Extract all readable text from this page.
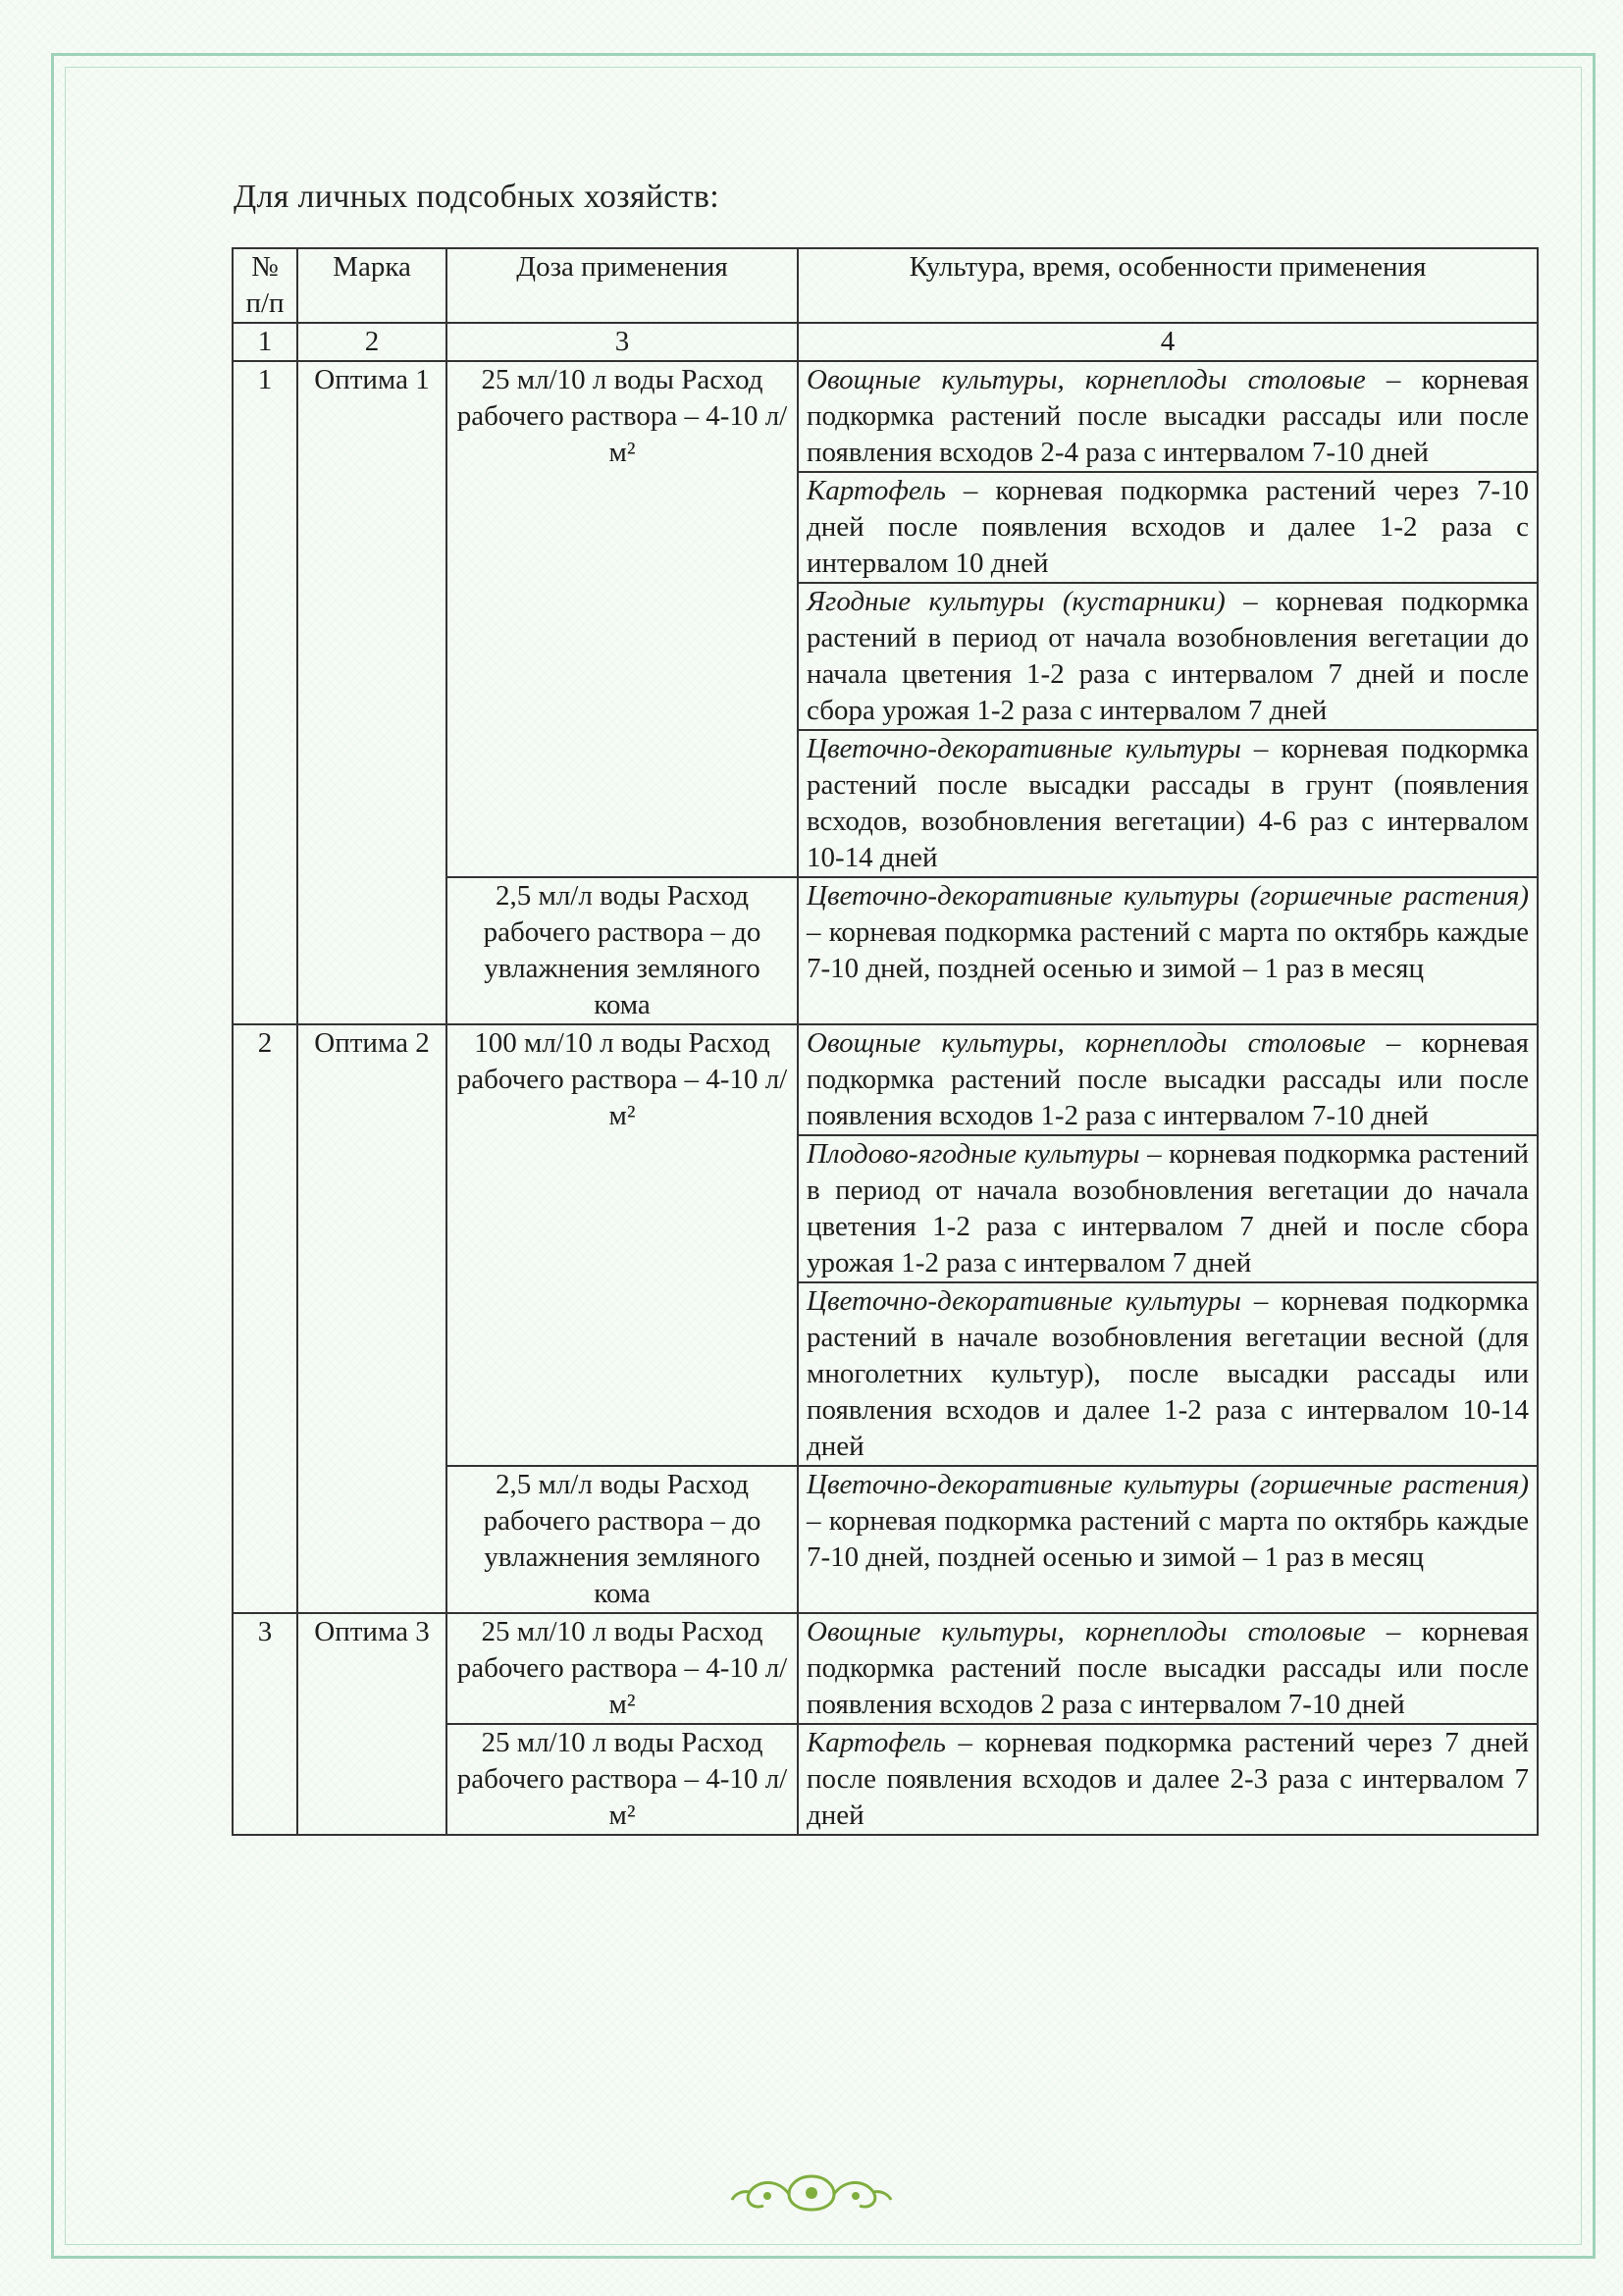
Для личных подсобных хозяйств:
№ п/п	Марка	Доза применения	Культура, время, особенности применения
1	2	3	4
1	Оптима 1	25 мл/10 л воды Расход рабочего раствора – 4-10 л/м²	Овощные культуры, корнеплоды столовые – корневая подкормка растений после высадки рассады или после появления всходов 2-4 раза с интервалом 7-10 дней
			Картофель – корневая подкормка растений через 7-10 дней после появления всходов и далее 1-2 раза с интервалом 10 дней
			Ягодные культуры (кустарники) – корневая подкормка растений в период от начала возобновления вегетации до начала цветения 1-2 раза с интервалом 7 дней и после сбора урожая 1-2 раза с интервалом 7 дней
			Цветочно-декоративные культуры – корневая подкормка растений после высадки рассады в грунт (появления всходов, возобновления вегетации) 4-6 раз с интервалом 10-14 дней
		2,5 мл/л воды Расход рабочего раствора – до увлажнения земляного кома	Цветочно-декоративные культуры (горшечные растения) – корневая подкормка растений с марта по октябрь каждые 7-10 дней, поздней осенью и зимой – 1 раз в месяц
2	Оптима 2	100 мл/10 л воды Расход рабочего раствора – 4-10 л/м²	Овощные культуры, корнеплоды столовые – корневая подкормка растений после высадки рассады или после появления всходов 1-2 раза с интервалом 7-10 дней
			Плодово-ягодные культуры – корневая подкормка растений в период от начала возобновления вегетации до начала цветения 1-2 раза с интервалом 7 дней и после сбора урожая 1-2 раза с интервалом 7 дней
			Цветочно-декоративные культуры – корневая подкормка растений в начале возобновления вегетации весной (для многолетних культур), после высадки рассады или появления всходов и далее 1-2 раза с интервалом 10-14 дней
		2,5 мл/л воды Расход рабочего раствора – до увлажнения земляного кома	Цветочно-декоративные культуры (горшечные растения) – корневая подкормка растений с марта по октябрь каждые 7-10 дней, поздней осенью и зимой – 1 раз в месяц
3	Оптима 3	25 мл/10 л воды Расход рабочего раствора – 4-10 л/м²	Овощные культуры, корнеплоды столовые – корневая подкормка растений после высадки рассады или после появления всходов 2 раза с интервалом 7-10 дней
		25 мл/10 л воды Расход рабочего раствора – 4-10 л/м²	Картофель – корневая подкормка растений через 7 дней после появления всходов и далее 2-3 раза с интервалом 7 дней
